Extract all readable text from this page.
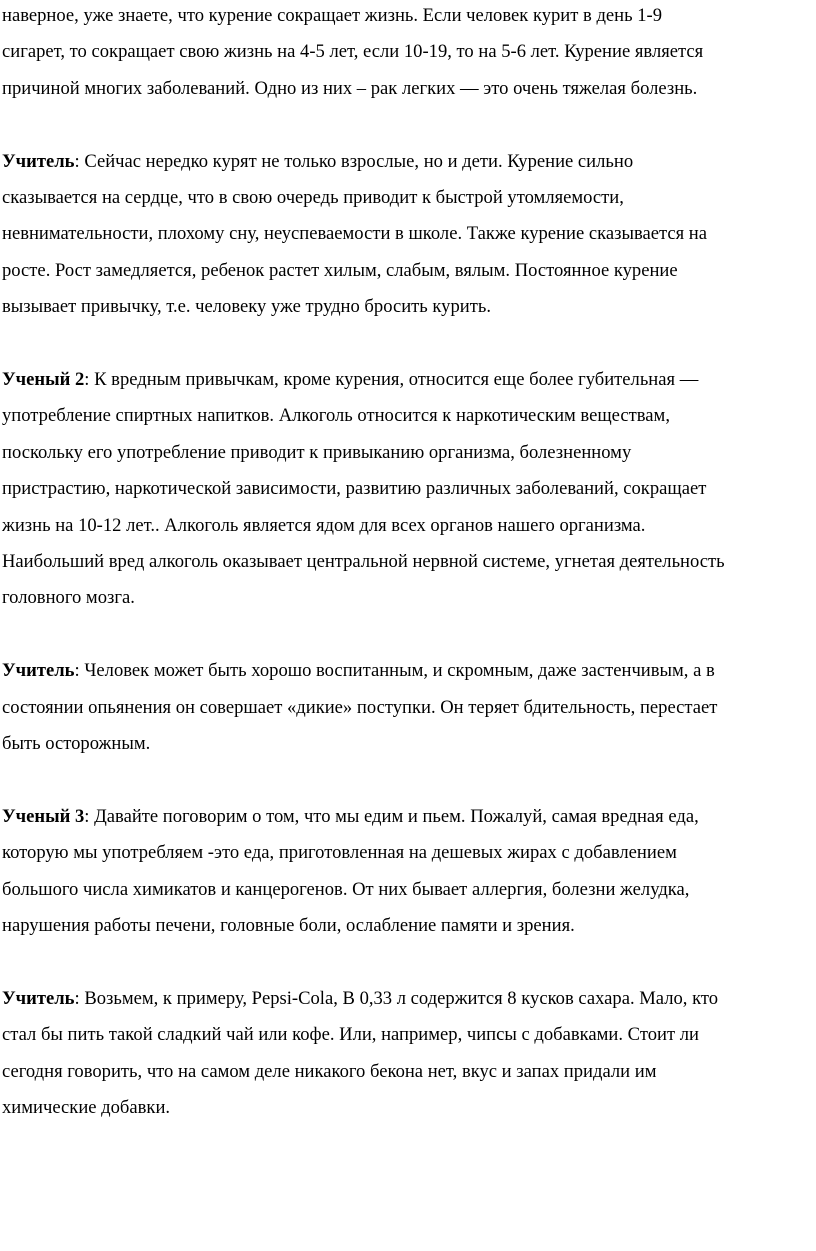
наверное, уже знаете, что курение сокращает жизнь. Если человек курит в день 1-9
сигарет, то сокращает свою жизнь на 4-5 лет, если 10-19, то на 5-6 лет. Курение является
причиной многих заболеваний. Одно из них – рак легких — это очень тяжелая болезнь.
Учитель: Сейчас нередко курят не только взрослые, но и дети. Курение сильно
сказывается на сердце, что в свою очередь приводит к быстрой утомляемости,
невнимательности, плохому сну, неуспеваемости в школе. Также курение сказывается на
росте. Рост замедляется, ребенок растет хилым, слабым, вялым. Постоянное курение
вызывает привычку, т.е. человеку уже трудно бросить курить.
Ученый 2: К вредным привычкам, кроме курения, относится еще более губительная —
употребление спиртных напитков. Алкоголь относится к наркотическим веществам,
поскольку его употребление приводит к привыканию организма, болезненному
пристрастию, наркотической зависимости, развитию различных заболеваний, сокращает
жизнь на 10-12 лет.. Алкоголь является ядом для всех органов нашего организма.
Наибольший вред алкоголь оказывает центральной нервной системе, угнетая деятельность
головного мозга.
Учитель: Человек может быть хорошо воспитанным, и скромным, даже застенчивым, а в
состоянии опьянения он совершает «дикие» поступки. Он теряет бдительность, перестает
быть осторожным.
Ученый 3: Давайте поговорим о том, что мы едим и пьем. Пожалуй, самая вредная еда,
которую мы употребляем -это еда, приготовленная на дешевых жирах с добавлением
большого числа химикатов и канцерогенов. От них бывает аллергия, болезни желудка,
нарушения работы печени, головные боли, ослабление памяти и зрения.
Учитель: Возьмем, к примеру, Pepsi-Cola, В 0,33 л содержится 8 кусков сахара. Мало, кто
стал бы пить такой сладкий чай или кофе. Или, например, чипсы с добавками. Стоит ли
сегодня говорить, что на самом деле никакого бекона нет, вкус и запах придали им
химические добавки.
